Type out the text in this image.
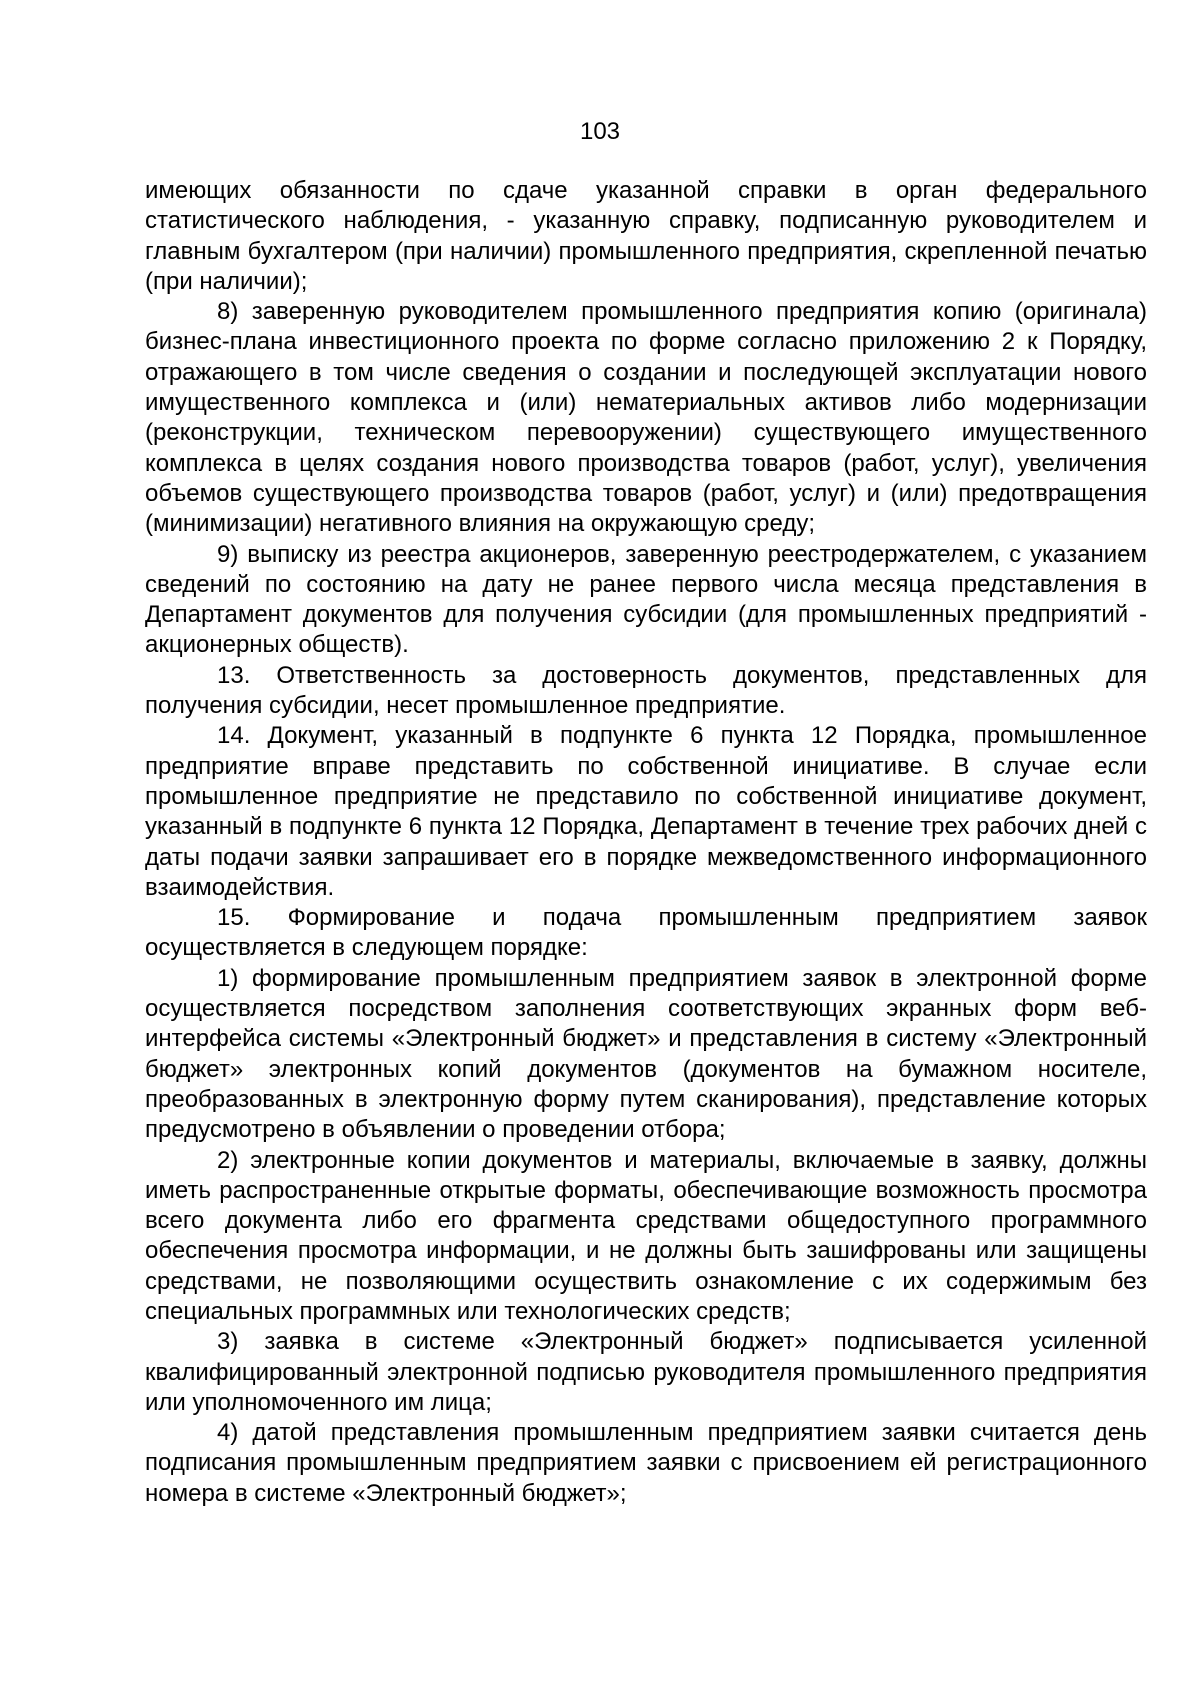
103

имеющих обязанности по сдаче указанной справки в орган федерального статистического наблюдения, - указанную справку, подписанную руководителем и главным бухгалтером (при наличии) промышленного предприятия, скрепленной печатью (при наличии);

8) заверенную руководителем промышленного предприятия копию (оригинала) бизнес-плана инвестиционного проекта по форме согласно приложению 2 к Порядку, отражающего в том числе сведения о создании и последующей эксплуатации нового имущественного комплекса и (или) нематериальных активов либо модернизации (реконструкции, техническом перевооружении) существующего имущественного комплекса в целях создания нового производства товаров (работ, услуг), увеличения объемов существующего производства товаров (работ, услуг) и (или) предотвращения (минимизации) негативного влияния на окружающую среду;

9) выписку из реестра акционеров, заверенную реестродержателем, с указанием сведений по состоянию на дату не ранее первого числа месяца представления в Департамент документов для получения субсидии (для промышленных предприятий - акционерных обществ).

13. Ответственность за достоверность документов, представленных для получения субсидии, несет промышленное предприятие.

14. Документ, указанный в подпункте 6 пункта 12 Порядка, промышленное предприятие вправе представить по собственной инициативе. В случае если промышленное предприятие не представило по собственной инициативе документ, указанный в подпункте 6 пункта 12 Порядка, Департамент в течение трех рабочих дней с даты подачи заявки запрашивает его в порядке межведомственного информационного взаимодействия.

15. Формирование и подача промышленным предприятием заявок осуществляется в следующем порядке:

1) формирование промышленным предприятием заявок в электронной форме осуществляется посредством заполнения соответствующих экранных форм веб-интерфейса системы «Электронный бюджет» и представления в систему «Электронный бюджет» электронных копий документов (документов на бумажном носителе, преобразованных в электронную форму путем сканирования), представление которых предусмотрено в объявлении о проведении отбора;

2) электронные копии документов и материалы, включаемые в заявку, должны иметь распространенные открытые форматы, обеспечивающие возможность просмотра всего документа либо его фрагмента средствами общедоступного программного обеспечения просмотра информации, и не должны быть зашифрованы или защищены средствами, не позволяющими осуществить ознакомление с их содержимым без специальных программных или технологических средств;

3) заявка в системе «Электронный бюджет» подписывается усиленной квалифицированный электронной подписью руководителя промышленного предприятия или уполномоченного им лица;

4) датой представления промышленным предприятием заявки считается день подписания промышленным предприятием заявки с присвоением ей регистрационного номера в системе «Электронный бюджет»;
